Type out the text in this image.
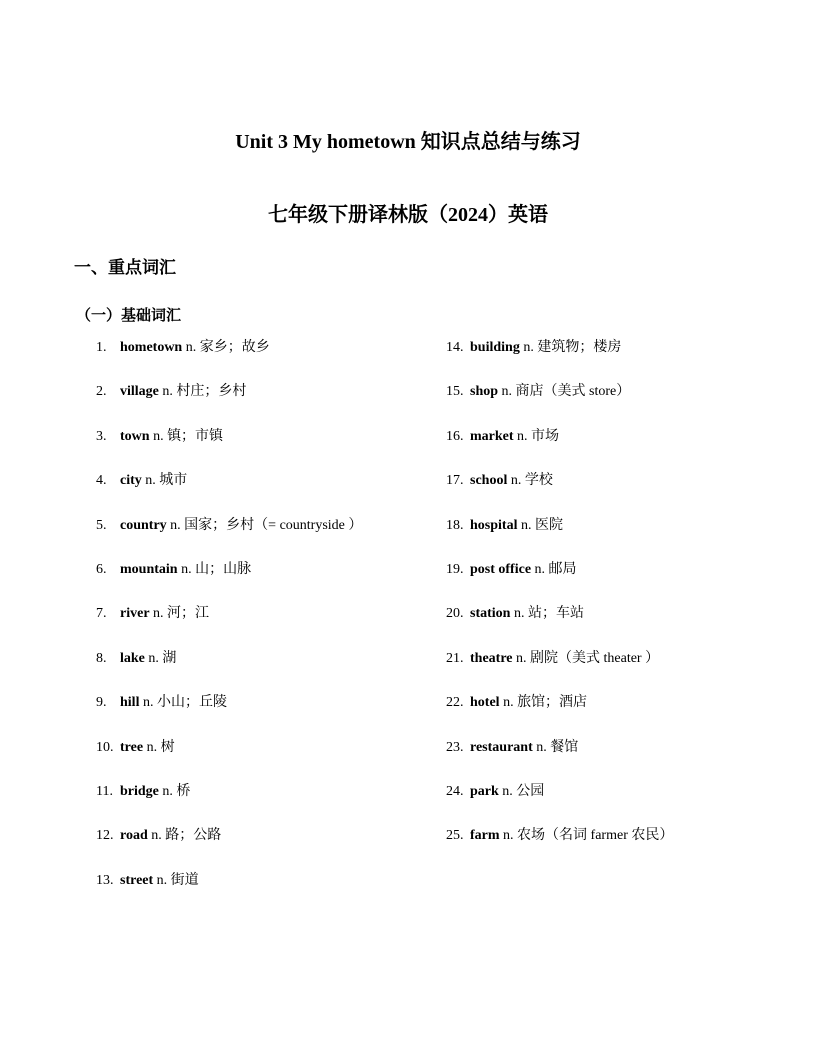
Unit 3 My hometown 知识点总结与练习
七年级下册译林版（2024）英语
一、重点词汇
（一）基础词汇
1. hometown n. 家乡；故乡
2. village n. 村庄；乡村
3. town n. 镇；市镇
4. city n. 城市
5. country n. 国家；乡村（= countryside ）
6. mountain n. 山；山脉
7. river n. 河；江
8. lake n. 湖
9. hill n. 小山；丘陵
10. tree n. 树
11. bridge n. 桥
12. road n. 路；公路
13. street n. 街道
14. building n. 建筑物；楼房
15. shop n. 商店（美式 store）
16. market n. 市场
17. school n. 学校
18. hospital n. 医院
19. post office n. 邮局
20. station n. 站；车站
21. theatre n. 剧院（美式 theater ）
22. hotel n. 旅馆；酒店
23. restaurant n. 餐馆
24. park n. 公园
25. farm n. 农场（名词 farmer 农民）
